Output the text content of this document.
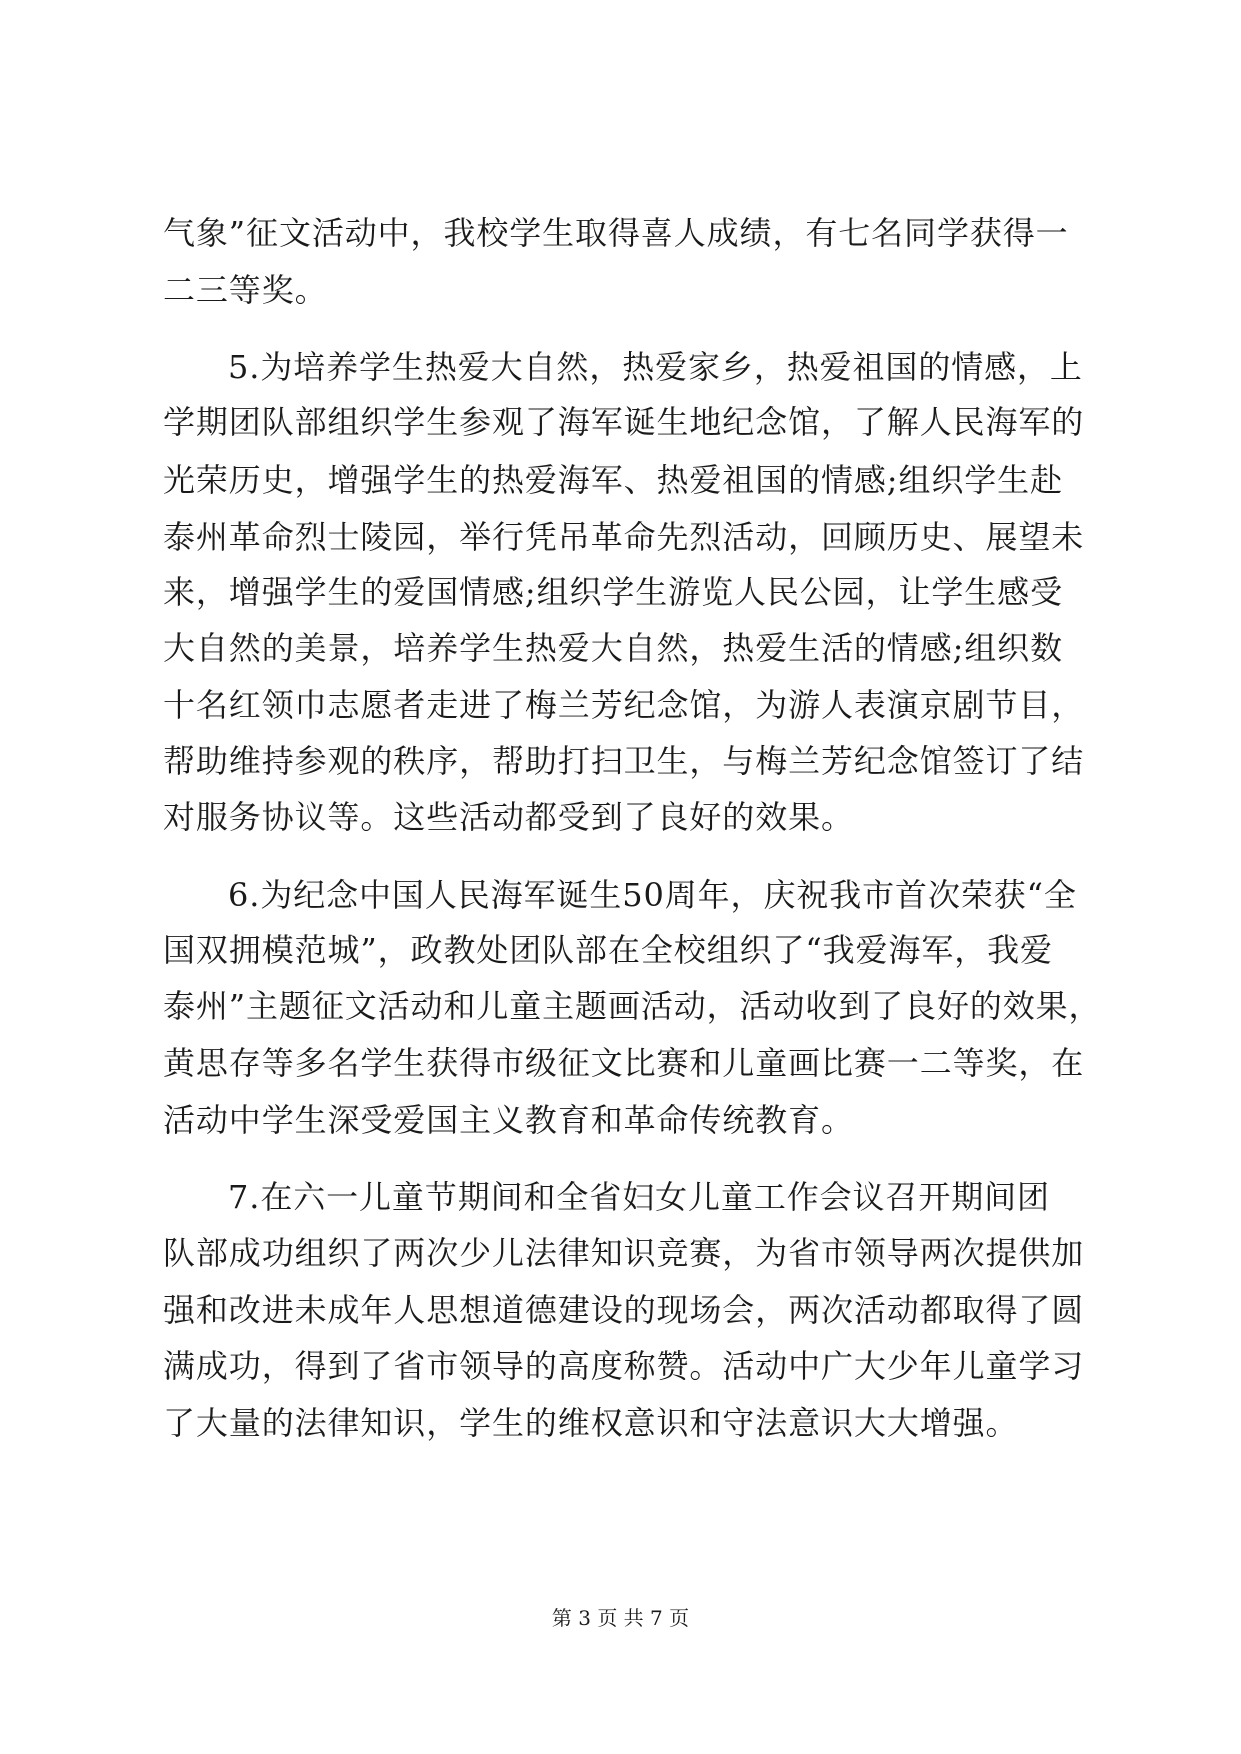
气象”征文活动中，我校学生取得喜人成绩，有七名同学获得一
二三等奖。
5.为培养学生热爱大自然，热爱家乡，热爱祖国的情感，上
学期团队部组织学生参观了海军诞生地纪念馆，了解人民海军的
光荣历史，增强学生的热爱海军、热爱祖国的情感;组织学生赴
泰州革命烈士陵园，举行凭吊革命先烈活动，回顾历史、展望未
来，增强学生的爱国情感;组织学生游览人民公园，让学生感受
大自然的美景，培养学生热爱大自然，热爱生活的情感;组织数
十名红领巾志愿者走进了梅兰芳纪念馆，为游人表演京剧节目，
帮助维持参观的秩序，帮助打扫卫生，与梅兰芳纪念馆签订了结
对服务协议等。这些活动都受到了良好的效果。
6.为纪念中国人民海军诞生50周年，庆祝我市首次荣获“全
国双拥模范城”，政教处团队部在全校组织了“我爱海军，我爱
泰州”主题征文活动和儿童主题画活动，活动收到了良好的效果，
黄思存等多名学生获得市级征文比赛和儿童画比赛一二等奖，在
活动中学生深受爱国主义教育和革命传统教育。
7.在六一儿童节期间和全省妇女儿童工作会议召开期间团
队部成功组织了两次少儿法律知识竞赛，为省市领导两次提供加
强和改进未成年人思想道德建设的现场会，两次活动都取得了圆
满成功，得到了省市领导的高度称赞。活动中广大少年儿童学习
了大量的法律知识，学生的维权意识和守法意识大大增强。
第 3 页 共 7 页
